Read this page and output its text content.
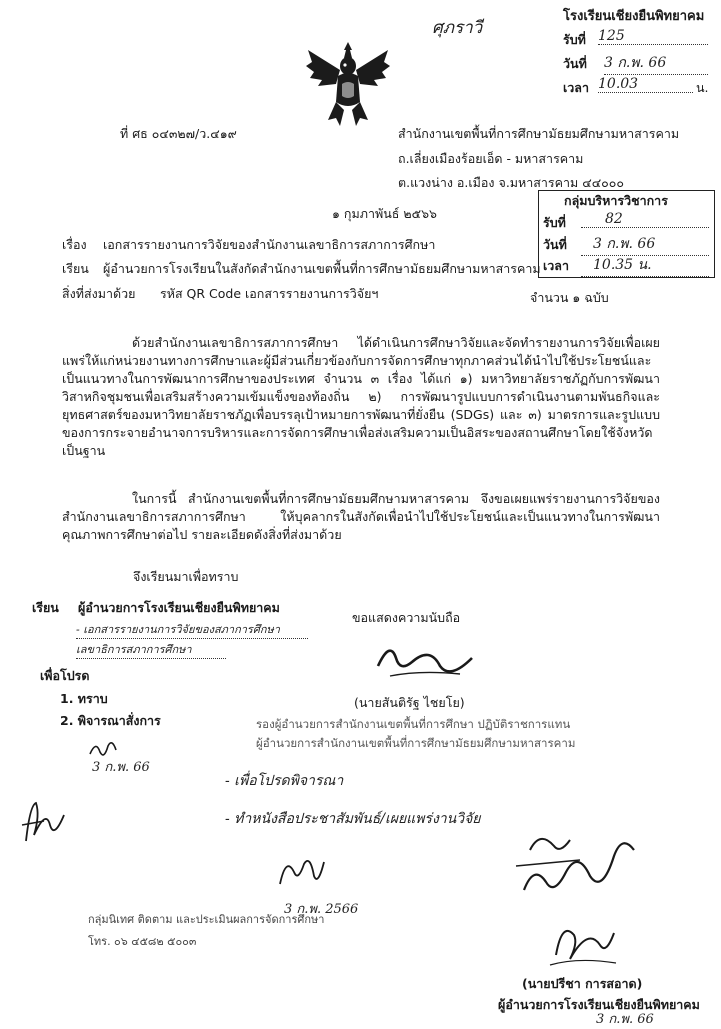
ศุภราวี
โรงเรียนเชียงยืนพิทยาคม
รับที่ 125
วันที่ 3 ก.พ. 66
เวลา 10.03	น.
ที่ ศธ ๐๔๓๒๗/ว.๔๑๙	สำนักงานเขตพื้นที่การศึกษามัธยมศึกษามหาสารคาม
ถ.เลี่ยงเมืองร้อยเอ็ด - มหาสารคาม
ต.แวงน่าง อ.เมือง จ.มหาสารคาม ๔๔๐๐๐
กลุ่มบริหารวิชาการ
รับที่	82
วันที่	3 ก.พ. 66
เวลา	10.35 น.
๑ กุมภาพันธ์ ๒๕๖๖
เรื่อง เอกสารรายงานการวิจัยของสำนักงานเลขาธิการสภาการศึกษา
เรียน ผู้อำนวยการโรงเรียนในสังกัดสำนักงานเขตพื้นที่การศึกษามัธยมศึกษามหาสารคาม
สิ่งที่ส่งมาด้วย รหัส QR Code เอกสารรายงานการวิจัยฯ	จำนวน ๑ ฉบับ
ด้วยสำนักงานเลขาธิการสภาการศึกษา ได้ดำเนินการศึกษาวิจัยและจัดทำรายงานการวิจัยเพื่อเผยแพร่ให้แก่หน่วยงานทางการศึกษาและผู้มีส่วนเกี่ยวข้องกับการจัดการศึกษาทุกภาคส่วนได้นำไปใช้ประโยชน์และเป็นแนวทางในการพัฒนาการศึกษาของประเทศ จำนวน ๓ เรื่อง ได้แก่ ๑) มหาวิทยาลัยราชภัฏกับการพัฒนาวิสาหกิจชุมชนเพื่อเสริมสร้างความเข้มแข็งของท้องถิ่น ๒) การพัฒนารูปแบบการดำเนินงานตามพันธกิจและยุทธศาสตร์ของมหาวิทยาลัยราชภัฏเพื่อบรรลุเป้าหมายการพัฒนาที่ยั่งยืน (SDGs) และ ๓) มาตรการและรูปแบบของการกระจายอำนาจการบริหารและการจัดการศึกษาเพื่อส่งเสริมความเป็นอิสระของสถานศึกษาโดยใช้จังหวัดเป็นฐาน
ในการนี้ สำนักงานเขตพื้นที่การศึกษามัธยมศึกษามหาสารคาม จึงขอเผยแพร่รายงานการวิจัยของสำนักงานเลขาธิการสภาการศึกษา ให้บุคลากรในสังกัดเพื่อนำไปใช้ประโยชน์และเป็นแนวทางในการพัฒนาคุณภาพการศึกษาต่อไป รายละเอียดดังสิ่งที่ส่งมาด้วย
จึงเรียนมาเพื่อทราบ
ขอแสดงความนับถือ
เรียน ผู้อำนวยการโรงเรียนเชียงยืนพิทยาคม
- เอกสารรายงานการวิจัยของสภาการศึกษา
เลขาธิการสภาการศึกษา
เพื่อโปรด
1. ทราบ
2. พิจารณาสั่งการ
3 ก.พ. 66
(นายสันติรัฐ ไชยโย)
รองผู้อำนวยการสำนักงานเขตพื้นที่การศึกษา ปฏิบัติราชการแทน
ผู้อำนวยการสำนักงานเขตพื้นที่การศึกษามัธยมศึกษามหาสารคาม
- เพื่อโปรดพิจารณา
- ทำหนังสือประชาสัมพันธ์/เผยแพร่งานวิจัย
3 ก.พ. 2566
กลุ่มนิเทศ ติดตาม และประเมินผลการจัดการศึกษา
โทร. ๐๖ ๔๕๘๒ ๕๐๐๓
(นายปรีชา การสอาด)
ผู้อำนวยการโรงเรียนเชียงยืนพิทยาคม
3 ก.พ. 66
